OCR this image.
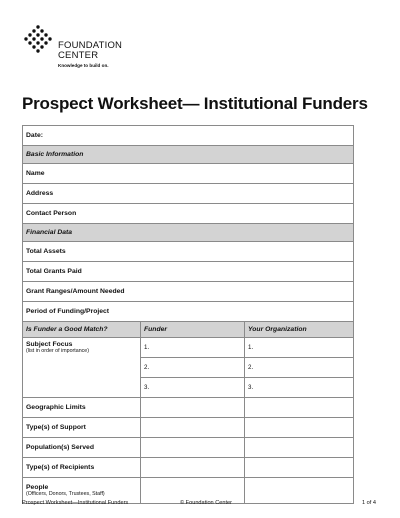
FOUNDATION
CENTER
Knowledge to build on.
Prospect Worksheet— Institutional Funders
Date:		
Basic Information		
Name		
Address		
Contact Person		
Financial Data		
Total Assets		
Total Grants Paid		
Grant Ranges/Amount Needed		
Period of Funding/Project		
Is Funder a Good Match?	Funder	Your Organization
Subject Focus
(list in order of importance)	1.	1.
	2.	2.
	3.	3.
Geographic Limits		
Type(s) of Support		
Population(s) Served		
Type(s) of Recipients		
People
(Officers, Donors, Trustees, Staff)		

Prospect Worksheet—Institutional Funders	© Foundation Center	1 of 4
